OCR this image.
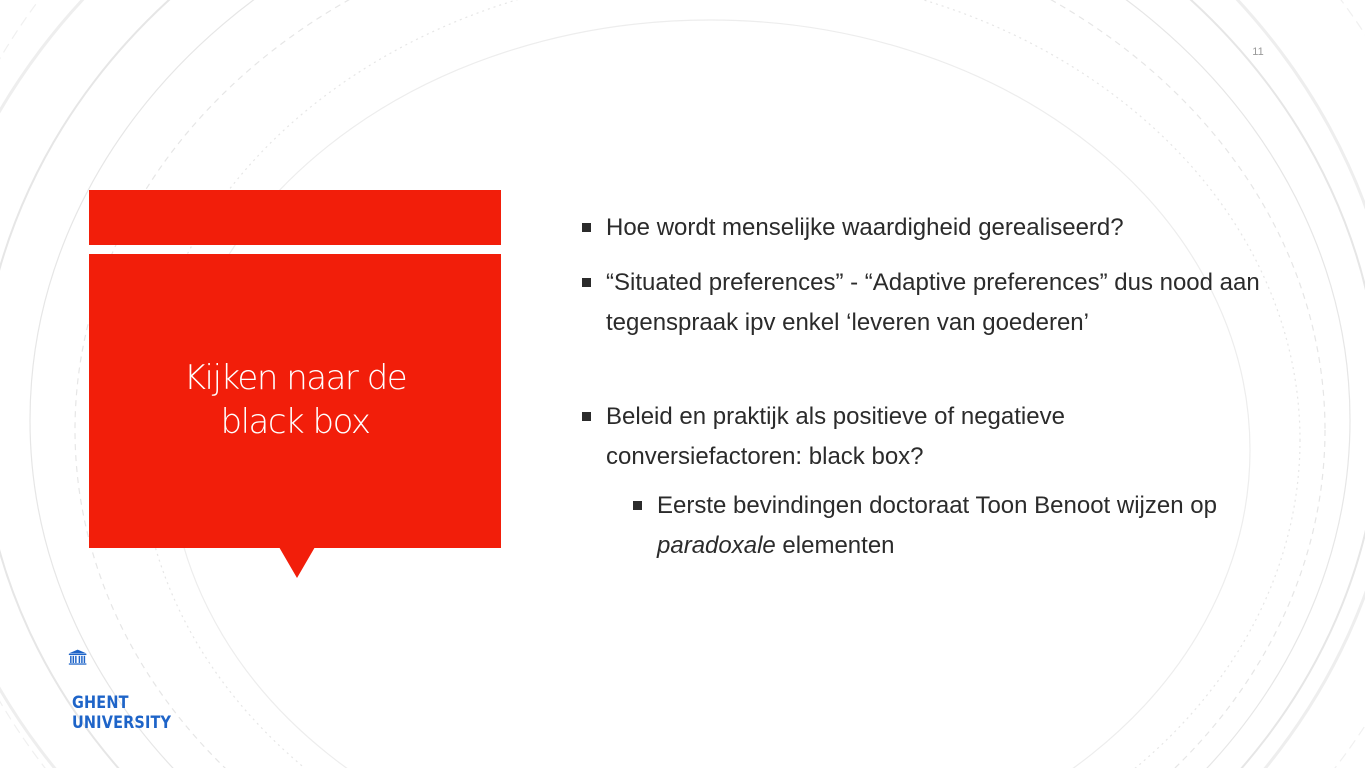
11
Kijken naar de
black box
Hoe wordt menselijke waardigheid gerealiseerd?
“Situated preferences” - “Adaptive preferences” dus nood aan tegenspraak ipv enkel ‘leveren van goederen’
Beleid en praktijk als positieve of negatieve conversiefactoren: black box?
Eerste bevindingen doctoraat Toon Benoot wijzen op paradoxale elementen
GHENT
UNIVERSITY
